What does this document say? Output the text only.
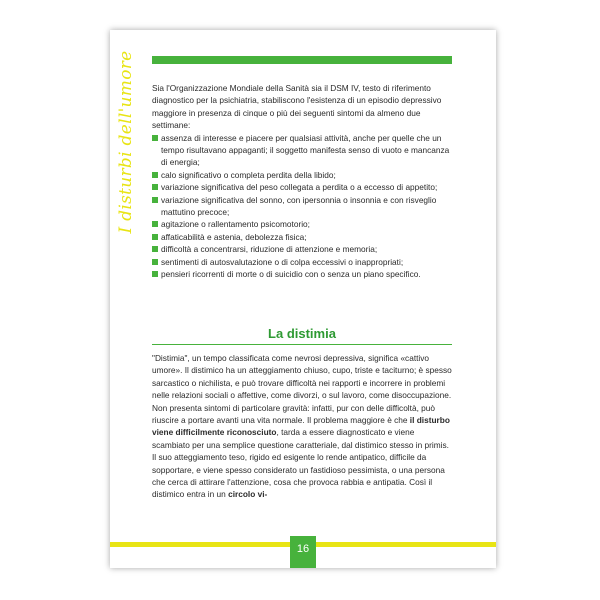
I disturbi dell'umore Sia l'Organizzazione Mondiale della Sanità sia il DSM IV, testo di riferimento diagnostico per la psichiatria, stabiliscono l'esistenza di un episodio depressivo maggiore in presenza di cinque o più dei seguenti sintomi da almeno due settimane:
assenza di interesse e piacere per qualsiasi attività, anche per quelle che un tempo risultavano appaganti; il soggetto manifesta senso di vuoto e mancanza di energia;
calo significativo o completa perdita della libido;
variazione significativa del peso collegata a perdita o a eccesso di appetito;
variazione significativa del sonno, con ipersonnia o insonnia e con risveglio mattutino precoce;
agitazione o rallentamento psicomotorio;
affaticabilità e astenia, debolezza fisica;
difficoltà a concentrarsi, riduzione di attenzione e memoria;
sentimenti di autosvalutazione o di colpa eccessivi o inappropriati;
pensieri ricorrenti di morte o di suicidio con o senza un piano specifico.
La distimia
"Distimia", un tempo classificata come nevrosi depressiva, significa «cattivo umore». Il distimico ha un atteggiamento chiuso, cupo, triste e taciturno; è spesso sarcastico o nichilista, e può trovare difficoltà nei rapporti e incorrere in problemi nelle relazioni sociali o affettive, come divorzi, o sul lavoro, come disoccupazione. Non presenta sintomi di particolare gravità: infatti, pur con delle difficoltà, può riuscire a portare avanti una vita normale. Il problema maggiore è che il disturbo viene difficilmente riconosciuto, tarda a essere diagnosticato e viene scambiato per una semplice questione caratteriale, dal distimico stesso in primis. Il suo atteggiamento teso, rigido ed esigente lo rende antipatico, difficile da sopportare, e viene spesso considerato un fastidioso pessimista, o una persona che cerca di attirare l'attenzione, cosa che provoca rabbia e antipatia. Così il distimico entra in un circolo vi-
16
